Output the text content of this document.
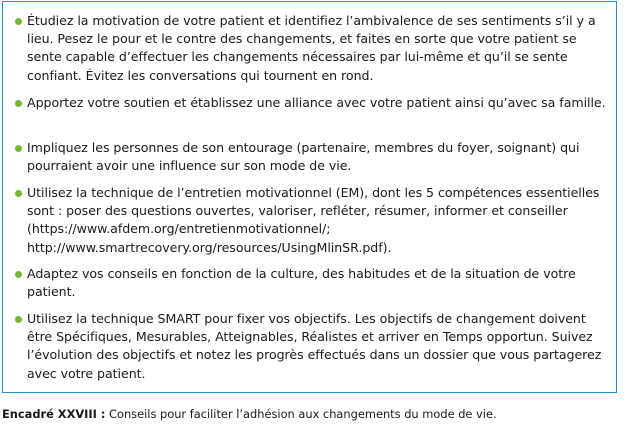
Étudiez la motivation de votre patient et identifiez l’ambivalence de ses sentiments s’il y a lieu. Pesez le pour et le contre des changements, et faites en sorte que votre patient se sente capable d’effectuer les changements nécessaires par lui-même et qu’il se sente confiant. Évitez les conversations qui tournent en rond.
Apportez votre soutien et établissez une alliance avec votre patient ainsi qu’avec sa famille.
Impliquez les personnes de son entourage (partenaire, membres du foyer, soignant) qui pourraient avoir une influence sur son mode de vie.
Utilisez la technique de l’entretien motivationnel (EM), dont les 5 compétences essentielles sont : poser des questions ouvertes, valoriser, refléter, résumer, informer et conseiller (https://www.afdem.org/entretienmotivationnel/; http://www.smartrecovery.org/resources/UsingMlinSR.pdf).
Adaptez vos conseils en fonction de la culture, des habitudes et de la situation de votre patient.
Utilisez la technique SMART pour fixer vos objectifs. Les objectifs de changement doivent être Spécifiques, Mesurables, Atteignables, Réalistes et arriver en Temps opportun. Suivez l’évolution des objectifs et notez les progrès effectués dans un dossier que vous partagerez avec votre patient.
Encadré XXVIII : Conseils pour faciliter l’adhésion aux changements du mode de vie.
